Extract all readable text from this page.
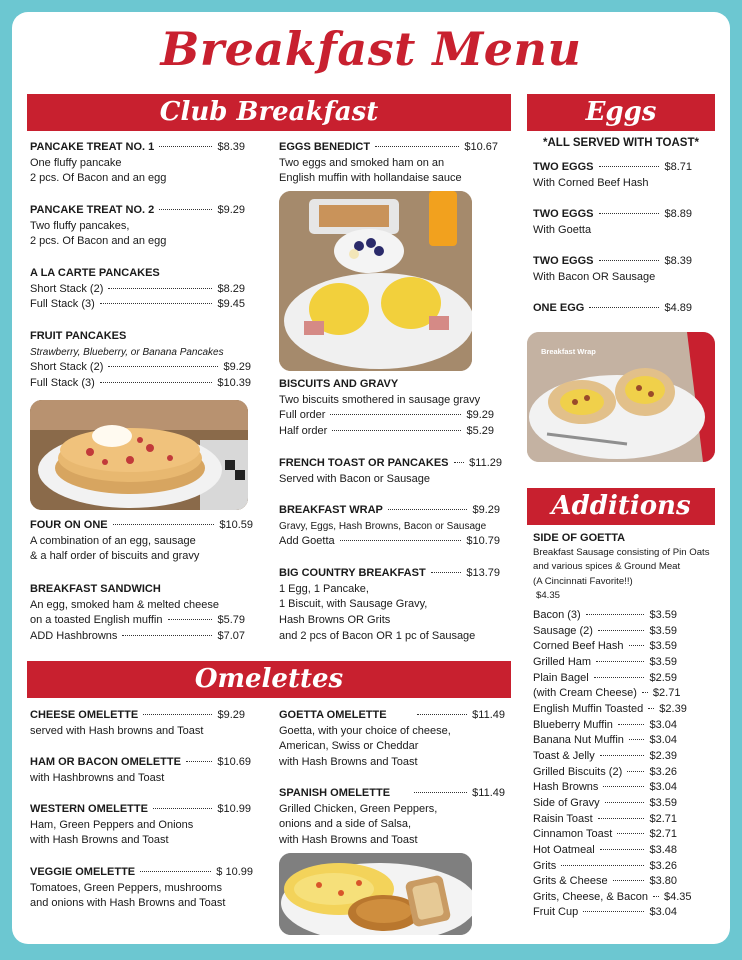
Breakfast Menu
Club Breakfast	Eggs
Additions
Omelettes
PANCAKE TREAT NO. 1	$8.39
One fluffy pancake
2 pcs. Of Bacon and an egg
PANCAKE TREAT NO. 2	$9.29
Two fluffy pancakes,
2 pcs. Of Bacon and an egg
A LA CARTE PANCAKES
Short Stack (2)	$8.29
Full Stack (3)	$9.45
FRUIT PANCAKES
Strawberry, Blueberry, or Banana Pancakes
Short Stack (2)	$9.29
Full Stack (3)	$10.39
FOUR ON ONE	$10.59
A combination of an egg, sausage
& a half order of biscuits and gravy
BREAKFAST SANDWICH
An egg, smoked ham & melted cheese
on a toasted English muffin	$5.79
ADD Hashbrowns	$7.07
EGGS BENEDICT	$10.67
Two eggs and smoked ham on an
English muffin with hollandaise sauce
BISCUITS AND GRAVY
Two biscuits smothered in sausage gravy
Full order	$9.29
Half order	$5.29
FRENCH TOAST OR PANCAKES $11.29
Served with Bacon or Sausage
BREAKFAST WRAP	$9.29
Gravy, Eggs, Hash Browns, Bacon or Sausage
Add Goetta	$10.79
BIG COUNTRY BREAKFAST	$13.79
1 Egg, 1 Pancake,
1 Biscuit, with Sausage Gravy,
Hash Browns OR Grits
and 2 pcs of Bacon OR 1 pc of Sausage
*ALL SERVED WITH TOAST*
TWO EGGS	$8.71
With Corned Beef Hash
TWO EGGS	$8.89
With Goetta
TWO EGGS	$8.39
With Bacon OR Sausage
ONE EGG	$4.89
Breakfast Wrap
SIDE OF GOETTA
Breakfast Sausage consisting of Pin Oats
and various spices & Ground Meat
(A Cincinnati Favorite!!)
$4.35
Bacon (3)	$3.59
Sausage (2)	$3.59
Corned Beef Hash $3.59
Grilled Ham	$3.59
Plain Bagel	$2.59
(with Cream Cheese) $2.71
English Muffin Toasted $2.39
Blueberry Muffin	$3.04
Banana Nut Muffin $3.04
Toast & Jelly	$2.39
Grilled Biscuits (2) $3.26
Hash Browns	$3.04
Side of Gravy	$3.59
Raisin Toast	$2.71
Cinnamon Toast	$2.71
Hot Oatmeal	$3.48
Grits	$3.26
Grits & Cheese	$3.80
Grits, Cheese, & Bacon $4.35
Fruit Cup	$3.04
CHEESE OMELETTE	$9.29
served with Hash browns and Toast
HAM OR BACON OMELETTE	$10.69
with Hashbrowns and Toast
WESTERN OMELETTE	$10.99
Ham, Green Peppers and Onions
with Hash Browns and Toast
VEGGIE OMELETTE	$ 10.99
Tomatoes, Green Peppers, mushrooms
and onions with Hash Browns and Toast
GOETTA OMELETTE	$11.49
Goetta, with your choice of cheese,
American, Swiss or Cheddar
with Hash Browns and Toast
SPANISH OMELETTE	$11.49
Grilled Chicken, Green Peppers,
onions and a side of Salsa,
with Hash Browns and Toast
